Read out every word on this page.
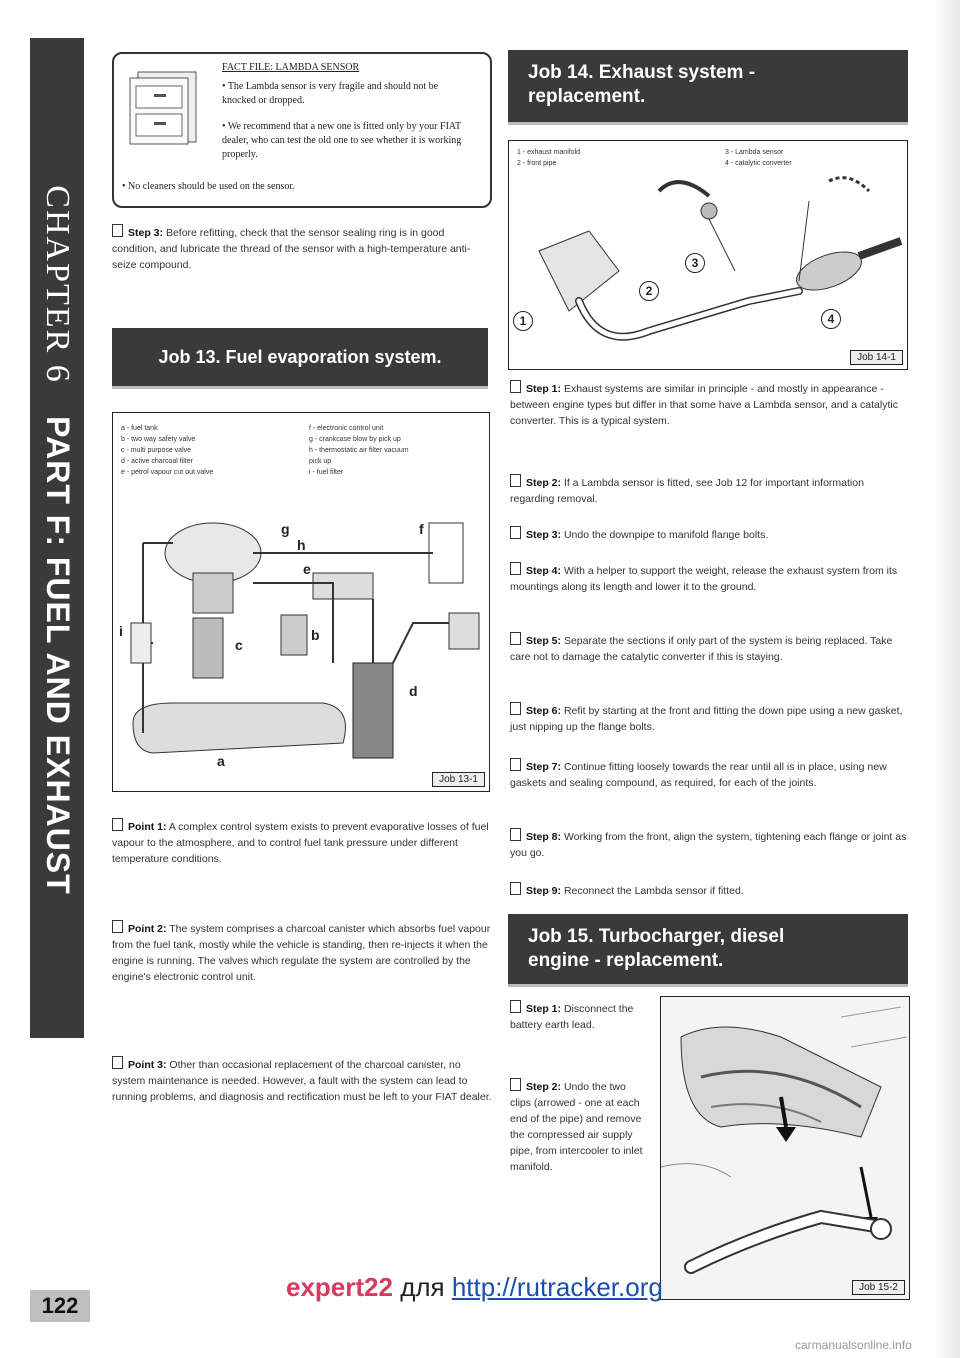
CHAPTER 6 PART F: FUEL AND EXHAUST
122
FACT FILE: LAMBDA SENSOR
• The Lambda sensor is very fragile and should not be knocked or dropped.
• We recommend that a new one is fitted only by your FIAT dealer, who can test the old one to see whether it is working properly.
• No cleaners should be used on the sensor.
Step 3: Before refitting, check that the sensor sealing ring is in good condition, and lubricate the thread of the sensor with a high-temperature anti-seize compound.
Job 13. Fuel evaporation system.
a - fuel tank
b - two way safety valve
c - multi purpose valve
d - active charcoal filter
e - petrol vapour cut out valve
f - electronic control unit
g - crankcase blow by pick up
h - thermostatic air filter vacuum
pick up
i - fuel filter
g
h
f
e
i
c
b
d
a
Job 13-1
Point 1: A complex control system exists to prevent evaporative losses of fuel vapour to the atmosphere, and to control fuel tank pressure under different temperature conditions.
Point 2: The system comprises a charcoal canister which absorbs fuel vapour from the fuel tank, mostly while the vehicle is standing, then re-injects it when the engine is running. The valves which regulate the system are controlled by the engine's electronic control unit.
Point 3: Other than occasional replacement of the charcoal canister, no system maintenance is needed. However, a fault with the system can lead to running problems, and diagnosis and rectification must be left to your FIAT dealer.
Job 14. Exhaust system -
replacement.
1 - exhaust manifold
2 - front pipe
3 - Lambda sensor
4 - catalytic converter
1
2
3
4
Job 14-1
Step 1: Exhaust systems are similar in principle - and mostly in appearance - between engine types but differ in that some have a Lambda sensor, and a catalytic converter. This is a typical system.
Step 2: If a Lambda sensor is fitted, see Job 12 for important information regarding removal.
Step 3: Undo the downpipe to manifold flange bolts.
Step 4: With a helper to support the weight, release the exhaust system from its mountings along its length and lower it to the ground.
Step 5: Separate the sections if only part of the system is being replaced. Take care not to damage the catalytic converter if this is staying.
Step 6: Refit by starting at the front and fitting the down pipe using a new gasket, just nipping up the flange bolts.
Step 7: Continue fitting loosely towards the rear until all is in place, using new gaskets and sealing compound, as required, for each of the joints.
Step 8: Working from the front, align the system, tightening each flange or joint as you go.
Step 9: Reconnect the Lambda sensor if fitted.
Job 15. Turbocharger, diesel
engine - replacement.
Step 1: Disconnect the battery earth lead.
Step 2: Undo the two clips (arrowed - one at each end of the pipe) and remove the compressed air supply pipe, from intercooler to inlet manifold.
Job 15-2
expert22 для http://rutracker.org
carmanualsonline.info
